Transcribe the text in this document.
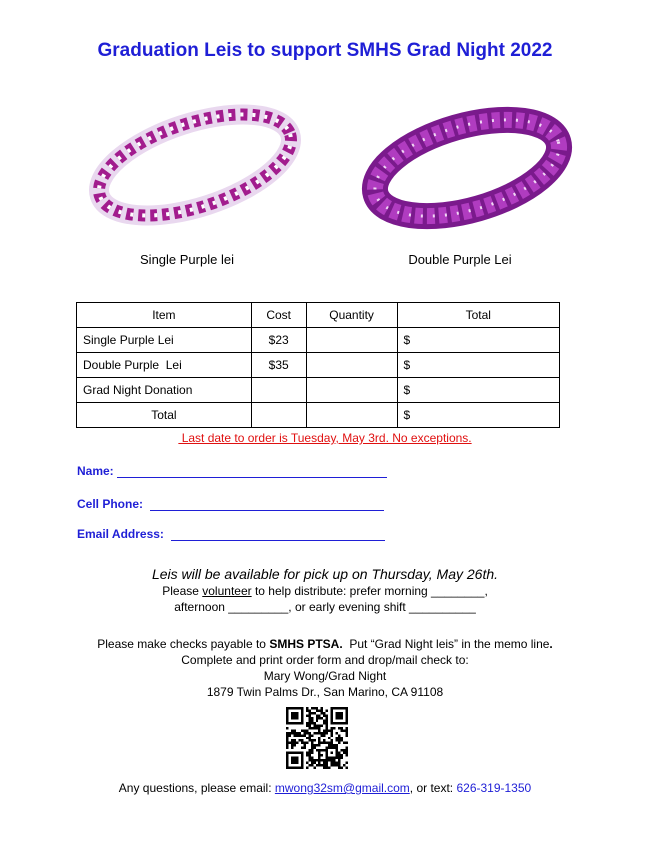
Graduation Leis to support SMHS Grad Night 2022
Single Purple lei	Double Purple Lei
Item	Cost	Quantity	Total
Single Purple Lei	$23		$
Double Purple  Lei	$35		$
Grad Night Donation			$
Total			$
Last date to order is Tuesday, May 3rd. No exceptions.
Name:
Cell Phone:
Email Address:
Leis will be available for pick up on Thursday, May 26th.
Please volunteer to help distribute: prefer morning ________,
afternoon _________, or early evening shift __________
Please make checks payable to SMHS PTSA.  Put “Grad Night leis” in the memo line.
Complete and print order form and drop/mail check to:
Mary Wong/Grad Night
1879 Twin Palms Dr., San Marino, CA 91108
Any questions, please email: mwong32sm@gmail.com, or text: 626-319-1350
